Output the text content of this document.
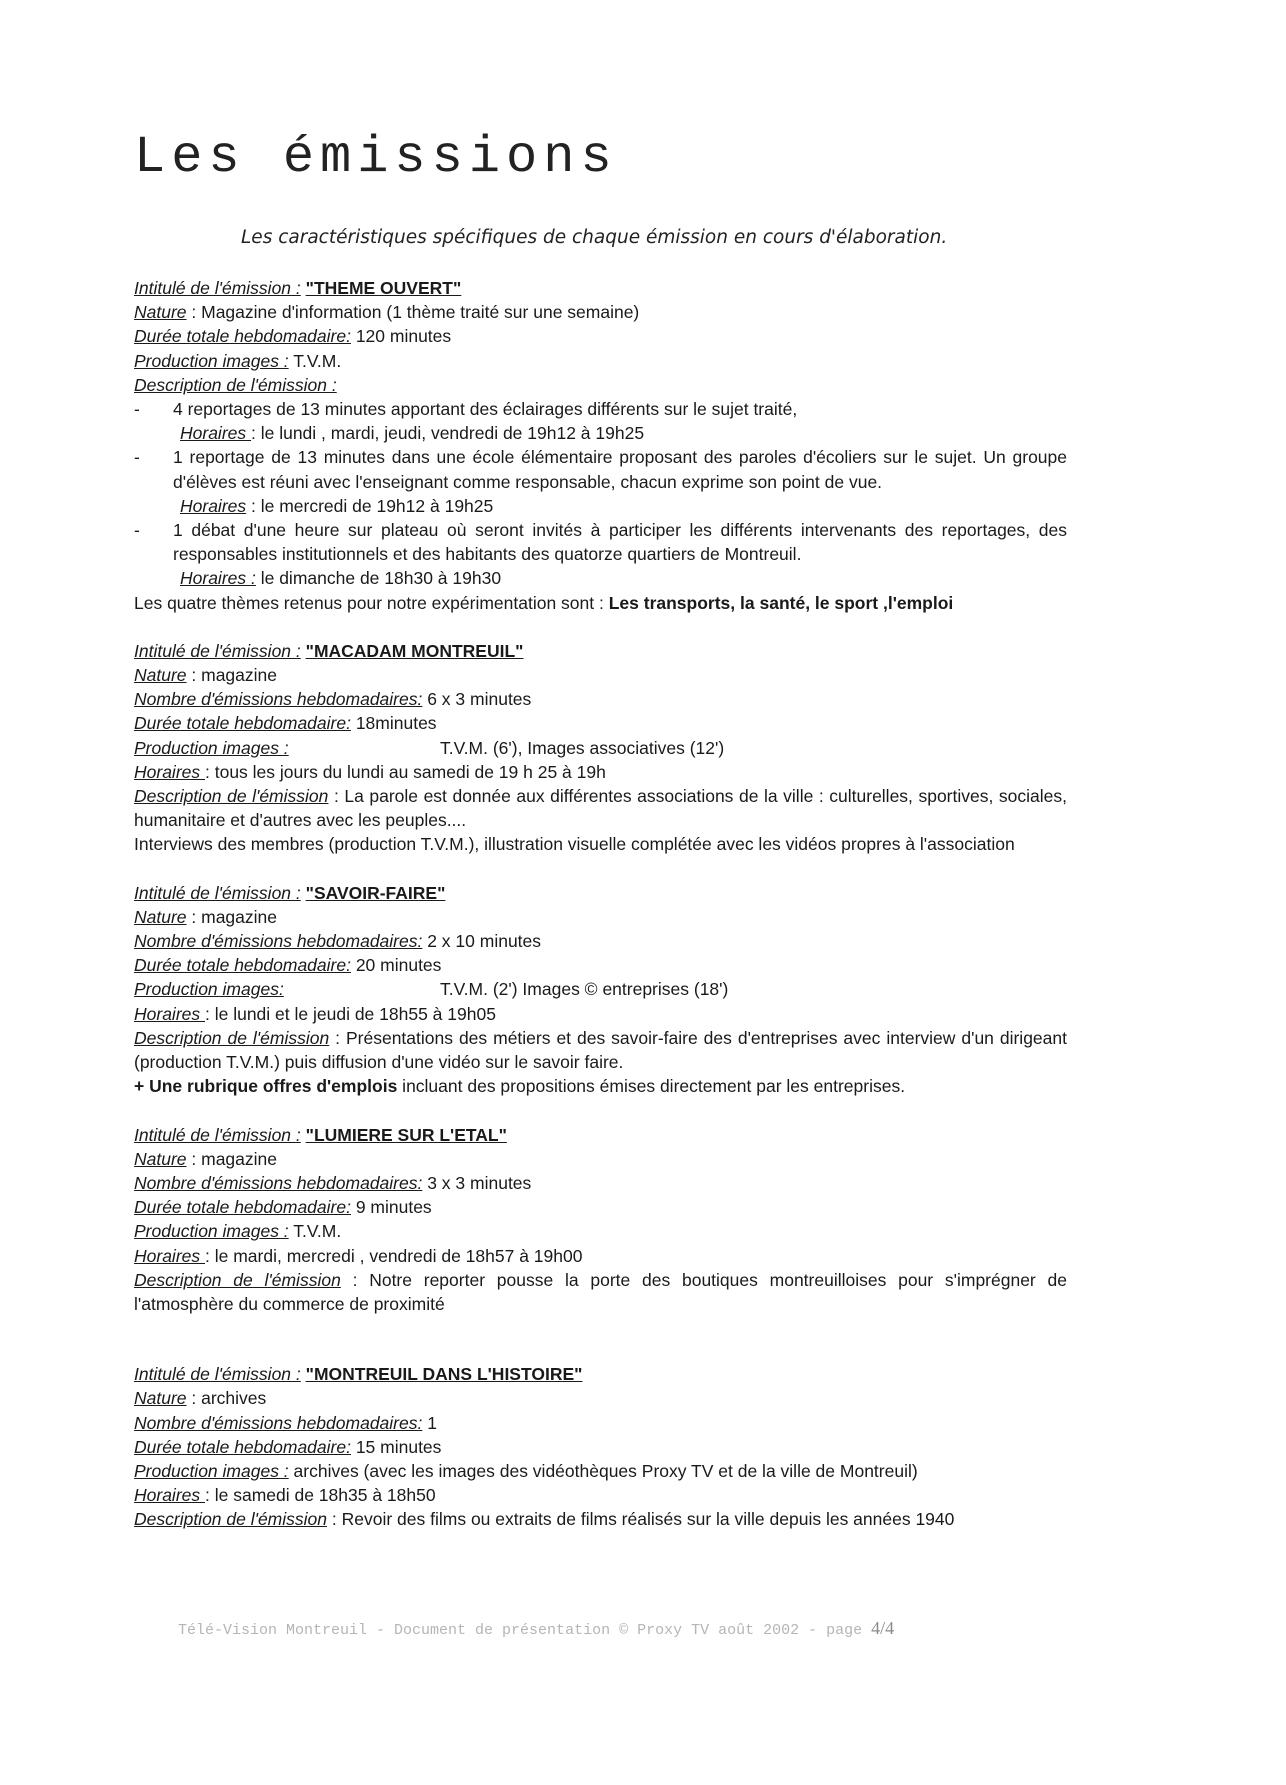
Les émissions
Les caractéristiques spécifiques de chaque émission en cours d'élaboration.
Intitulé de l'émission : "THEME OUVERT"
Nature : Magazine d'information (1 thème traité sur une semaine)
Durée totale hebdomadaire: 120 minutes
Production images : T.V.M.
Description de l'émission :
- 4 reportages de 13 minutes apportant des éclairages différents sur le sujet traité,
Horaires : le lundi , mardi, jeudi, vendredi de 19h12 à 19h25
- 1 reportage de 13 minutes dans une école élémentaire proposant des paroles d'écoliers sur le sujet. Un groupe d'élèves est réuni avec l'enseignant comme responsable, chacun exprime son point de vue.
Horaires : le mercredi de 19h12 à 19h25
- 1 débat d'une heure sur plateau où seront invités à participer les différents intervenants des reportages, des responsables institutionnels et des habitants des quatorze quartiers de Montreuil.
Horaires : le dimanche de 18h30 à 19h30
Les quatre thèmes retenus pour notre expérimentation sont : Les transports, la santé, le sport ,l'emploi
Intitulé de l'émission : "MACADAM MONTREUIL"
Nature : magazine
Nombre d'émissions hebdomadaires: 6 x 3 minutes
Durée totale hebdomadaire: 18minutes
Production images :	T.V.M. (6'), Images associatives (12')
Horaires : tous les jours du lundi au samedi de 19 h 25 à 19h
Description de l'émission : La parole est donnée aux différentes associations de la ville : culturelles, sportives, sociales, humanitaire et d'autres avec les peuples....
Interviews des membres (production T.V.M.), illustration visuelle complétée avec les vidéos propres à l'association
Intitulé de l'émission : "SAVOIR-FAIRE"
Nature : magazine
Nombre d'émissions hebdomadaires: 2 x 10 minutes
Durée totale hebdomadaire: 20 minutes
Production images:	T.V.M. (2') Images © entreprises (18')
Horaires : le lundi et le jeudi de 18h55 à 19h05
Description de l'émission : Présentations des métiers et des savoir-faire des d'entreprises avec interview d'un dirigeant (production T.V.M.) puis diffusion d'une vidéo sur le savoir faire.
+ Une rubrique offres d'emplois incluant des propositions émises directement par les entreprises.
Intitulé de l'émission : "LUMIERE SUR L'ETAL"
Nature : magazine
Nombre d'émissions hebdomadaires: 3 x 3 minutes
Durée totale hebdomadaire: 9 minutes
Production images : T.V.M.
Horaires : le mardi, mercredi , vendredi de 18h57 à 19h00
Description de l'émission : Notre reporter pousse la porte des boutiques montreuilloises pour s'imprégner de l'atmosphère du commerce de proximité
Intitulé de l'émission : "MONTREUIL DANS L'HISTOIRE"
Nature : archives
Nombre d'émissions hebdomadaires: 1
Durée totale hebdomadaire: 15 minutes
Production images : archives (avec les images des vidéothèques Proxy TV et de la ville de Montreuil)
Horaires : le samedi de 18h35 à 18h50
Description de l'émission : Revoir des films ou extraits de films réalisés sur la ville depuis les années 1940
Télé-Vision Montreuil - Document de présentation © Proxy TV août 2002 - page 4/4
